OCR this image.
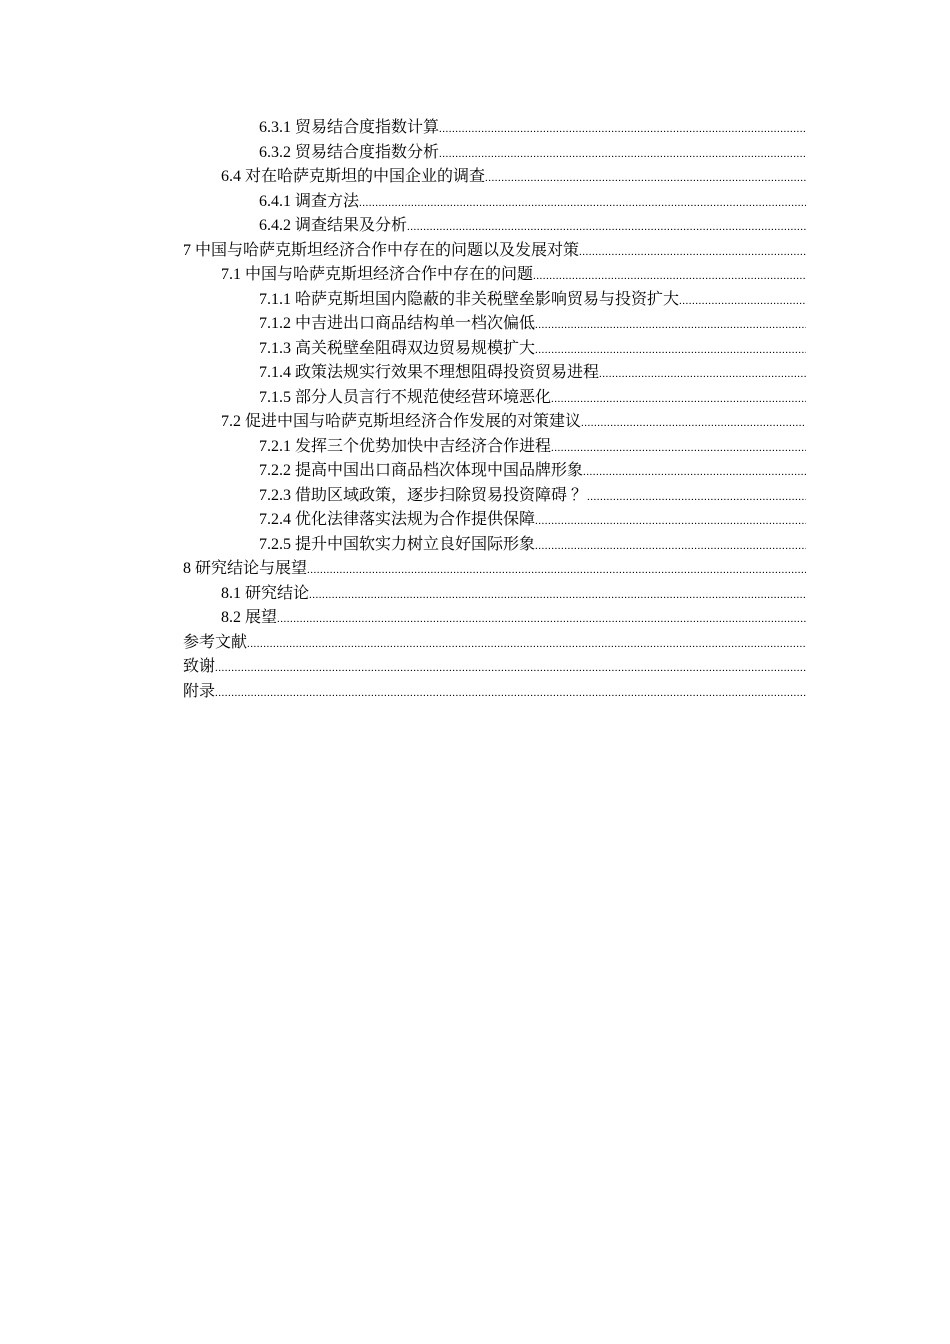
6.3.1 贸易结合度指数计算
.....
6.3.2 贸易结合度指数分析
.....
6.4 对在哈萨克斯坦的中国企业的调查
.....
6.4.1 调查方法
.....
6.4.2 调查结果及分析
.....
7 中国与哈萨克斯坦经济合作中存在的问题以及发展对策
.....
7.1 中国与哈萨克斯坦经济合作中存在的问题
.....
7.1.1 哈萨克斯坦国内隐蔽的非关税壁垒影响贸易与投资扩大
.....
7.1.2 中吉进出口商品结构单一档次偏低
.....
7.1.3 高关税壁垒阻碍双边贸易规模扩大
.....
7.1.4 政策法规实行效果不理想阻碍投资贸易进程
.....
7.1.5 部分人员言行不规范使经营环境恶化
.....
7.2 促进中国与哈萨克斯坦经济合作发展的对策建议
.....
7.2.1 发挥三个优势加快中吉经济合作进程
.....
7.2.2 提高中国出口商品档次体现中国品牌形象
.....
7.2.3 借助区域政策，逐步扫除贸易投资障碍 ？
.....
7.2.4 优化法律落实法规为合作提供保障
.....
7.2.5 提升中国软实力树立良好国际形象
.....
8 研究结论与展望
.....
8.1 研究结论
.....
8.2 展望
.....
参考文献
.....
致谢
.....
附录
.....
